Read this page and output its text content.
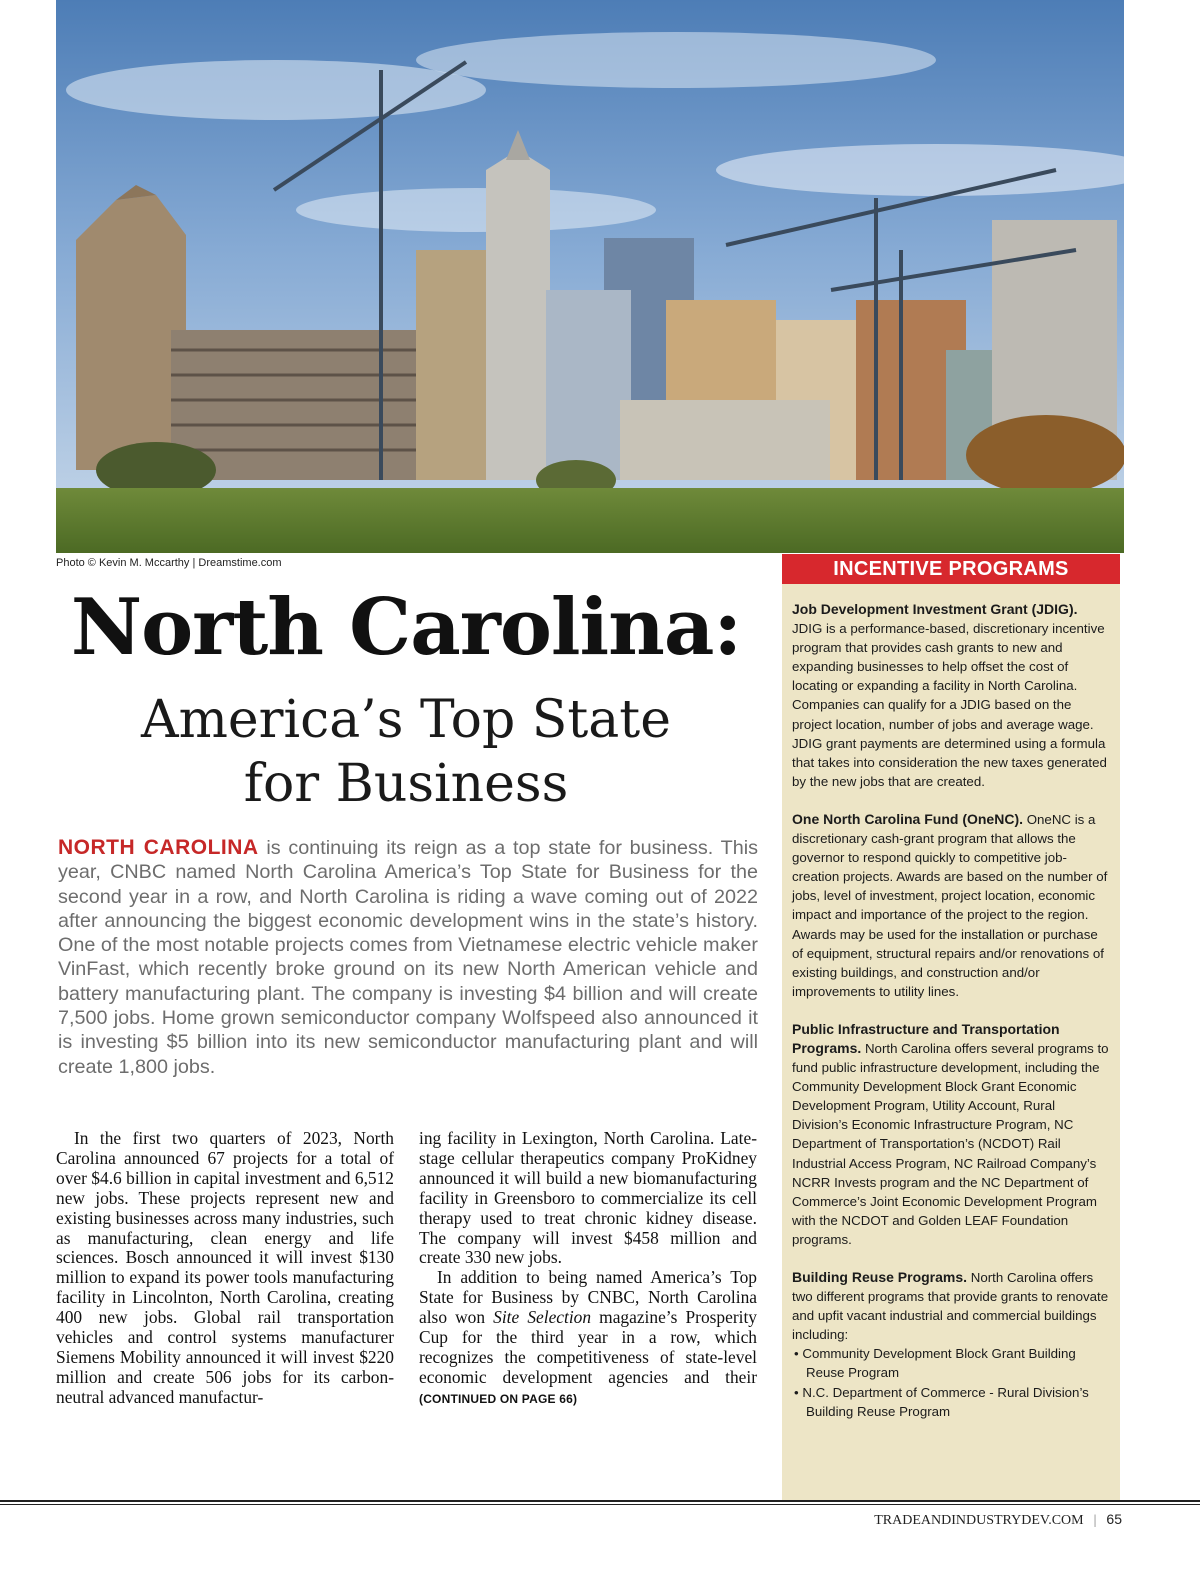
Photo © Kevin M. Mccarthy | Dreamstime.com
North Carolina:
America’s Top State
for Business

NORTH CAROLINA is continuing its reign as a top state for business. This year, CNBC named North Carolina America’s Top State for Business for the second year in a row, and North Carolina is riding a wave coming out of 2022 after announcing the biggest economic development wins in the state’s history. One of the most notable projects comes from Vietnamese electric vehicle maker VinFast, which recently broke ground on its new North American vehicle and battery manufacturing plant. The company is investing $4 billion and will create 7,500 jobs. Home grown semiconductor company Wolfspeed also announced it is investing $5 billion into its new semiconductor manufacturing plant and will create 1,800 jobs.

In the first two quarters of 2023, North Carolina announced 67 projects for a total of over $4.6 billion in capital investment and 6,512 new jobs. These projects represent new and existing businesses across many industries, such as manufacturing, clean energy and life sciences. Bosch announced it will invest $130 million to expand its power tools manufacturing facility in Lincolnton, North Carolina, creating 400 new jobs. Global rail transportation vehicles and control systems manufacturer Siemens Mobility announced it will invest $220 million and create 506 jobs for its carbon-neutral advanced manufactur-

ing facility in Lexington, North Carolina. Late-stage cellular therapeutics company ProKidney announced it will build a new biomanufacturing facility in Greensboro to commercialize its cell therapy used to treat chronic kidney disease. The company will invest $458 million and create 330 new jobs.

In addition to being named America’s Top State for Business by CNBC, North Carolina also won Site Selection magazine’s Prosperity Cup for the third year in a row, which recognizes the competitiveness of state-level economic development agencies and their (CONTINUED ON PAGE 66)

INCENTIVE PROGRAMS

Job Development Investment Grant (JDIG). JDIG is a performance-based, discretionary incentive program that provides cash grants to new and expanding businesses to help offset the cost of locating or expanding a facility in North Carolina. Companies can qualify for a JDIG based on the project location, number of jobs and average wage. JDIG grant payments are determined using a formula that takes into consideration the new taxes generated by the new jobs that are created.

One North Carolina Fund (OneNC). OneNC is a discretionary cash-grant program that allows the governor to respond quickly to competitive job-creation projects. Awards are based on the number of jobs, level of investment, project location, economic impact and importance of the project to the region. Awards may be used for the installation or purchase of equipment, structural repairs and/or renovations of existing buildings, and construction and/or improvements to utility lines.

Public Infrastructure and Transportation Programs. North Carolina offers several programs to fund public infrastructure development, including the Community Development Block Grant Economic Development Program, Utility Account, Rural Division’s Economic Infrastructure Program, NC Department of Transportation’s (NCDOT) Rail Industrial Access Program, NC Railroad Company’s NCRR Invests program and the NC Department of Commerce’s Joint Economic Development Program with the NCDOT and Golden LEAF Foundation programs.

Building Reuse Programs. North Carolina offers two different programs that provide grants to renovate and upfit vacant industrial and commercial buildings including:

• Community Development Block Grant Building Reuse Program
• N.C. Department of Commerce - Rural Division’s Building Reuse Program
TRADEANDINDUSTRYDEV.COM | 65
